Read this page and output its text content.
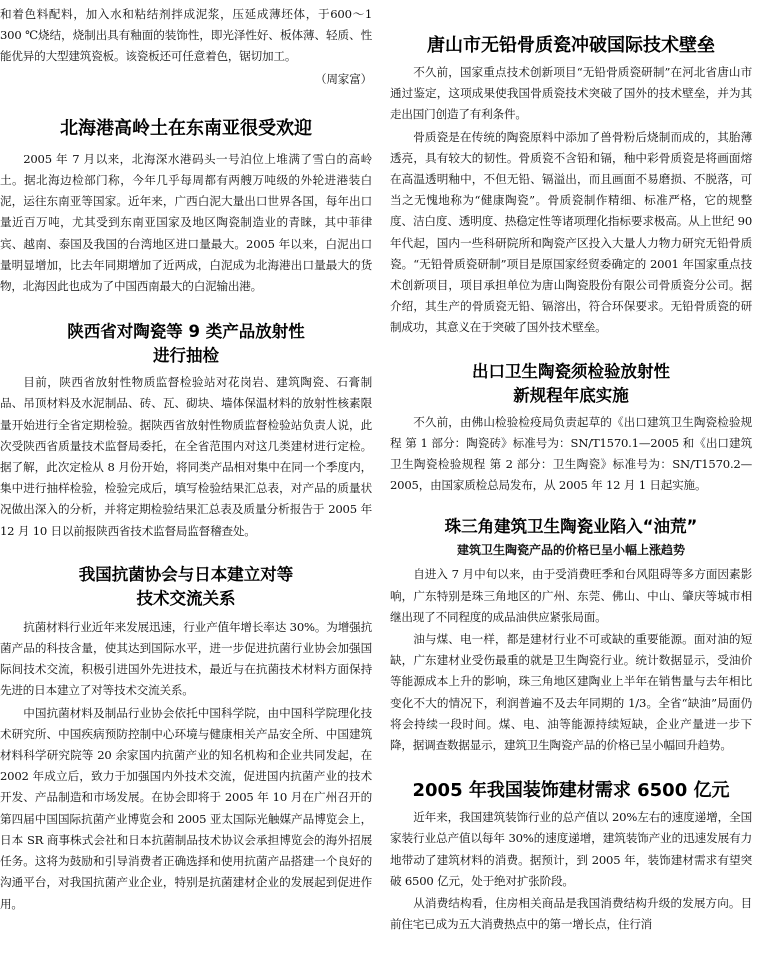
和着色料配料，加入水和粘结剂拌成泥浆，压延成薄坯体，于600～1 300 ℃烧结，烧制出具有釉面的装饰性，即光泽性好、板体薄、轻质、性能优异的大型建筑瓷板。该瓷板还可任意着色，锯切加工。

（周家富）

北海港高岭土在东南亚很受欢迎

2005 年 7 月以来，北海深水港码头一号泊位上堆满了雪白的高岭土。据北海边检部门称，今年几乎每周都有两艘万吨级的外轮进港装白泥，运往东南亚等国家。近年来，广西白泥大量出口世界各国，每年出口量近百万吨，尤其受到东南亚国家及地区陶瓷制造业的青睐，其中菲律宾、越南、泰国及我国的台湾地区进口量最大。2005 年以来，白泥出口量明显增加，比去年同期增加了近两成，白泥成为北海港出口量最大的货物，北海因此也成为了中国西南最大的白泥输出港。

陕西省对陶瓷等 9 类产品放射性
进行抽检

目前，陕西省放射性物质监督检验站对花岗岩、建筑陶瓷、石膏制品、吊顶材料及水泥制品、砖、瓦、砌块、墙体保温材料的放射性核素限量开始进行全省定期检验。据陕西省放射性物质监督检验站负责人说，此次受陕西省质量技术监督局委托，在全省范围内对这几类建材进行定检。据了解，此次定检从 8 月份开始，将同类产品相对集中在同一个季度内，集中进行抽样检验，检验完成后，填写检验结果汇总表，对产品的质量状况做出深入的分析，并将定期检验结果汇总表及质量分析报告于 2005 年 12 月 10 日以前报陕西省技术监督局监督稽查处。

我国抗菌协会与日本建立对等
技术交流关系

抗菌材料行业近年来发展迅速，行业产值年增长率达 30%。为增强抗菌产品的科技含量，使其达到国际水平，进一步促进抗菌行业协会加强国际间技术交流，积极引进国外先进技术，最近与在抗菌技术材料方面保持先进的日本建立了对等技术交流关系。

中国抗菌材料及制品行业协会依托中国科学院，由中国科学院理化技术研究所、中国疾病预防控制中心环境与健康相关产品安全所、中国建筑材料科学研究院等 20 余家国内抗菌产业的知名机构和企业共同发起，在 2002 年成立后，致力于加强国内外技术交流，促进国内抗菌产业的技术开发、产品制造和市场发展。在协会即将于 2005 年 10 月在广州召开的第四届中国国际抗菌产业博览会和 2005 亚太国际光触媒产品博览会上，日本 SR 商事株式会社和日本抗菌制品技术协议会承担博览会的海外招展任务。这将为鼓励和引导消费者正确选择和使用抗菌产品搭建一个良好的沟通平台，对我国抗菌产业企业，特别是抗菌建材企业的发展起到促进作用。

唐山市无铅骨质瓷冲破国际技术壁垒

不久前，国家重点技术创新项目“无铅骨质瓷研制”在河北省唐山市通过鉴定，这项成果使我国骨质瓷技术突破了国外的技术壁垒，并为其走出国门创造了有利条件。

骨质瓷是在传统的陶瓷原料中添加了兽骨粉后烧制而成的，其胎薄透亮，具有较大的韧性。骨质瓷不含铅和镉，釉中彩骨质瓷是将画面熔在高温透明釉中，不但无铅、镉溢出，而且画面不易磨损、不脱落，可当之无愧地称为“健康陶瓷”。骨质瓷制作精细、标准严格，它的规整度、洁白度、透明度、热稳定性等诸项理化指标要求极高。从上世纪 90 年代起，国内一些科研院所和陶瓷产区投入大量人力物力研究无铅骨质瓷。“无铅骨质瓷研制”项目是原国家经贸委确定的 2001 年国家重点技术创新项目，项目承担单位为唐山陶瓷股份有限公司骨质瓷分公司。据介绍，其生产的骨质瓷无铅、镉溶出，符合环保要求。无铅骨质瓷的研制成功，其意义在于突破了国外技术壁垒。

出口卫生陶瓷须检验放射性
新规程年底实施

不久前，由佛山检验检疫局负责起草的《出口建筑卫生陶瓷检验规程 第 1 部分：陶瓷砖》标准号为：SN/T1570.1—2005 和《出口建筑卫生陶瓷检验规程 第 2 部分：卫生陶瓷》标准号为：SN/T1570.2—2005，由国家质检总局发布，从 2005 年 12 月 1 日起实施。

珠三角建筑卫生陶瓷业陷入“油荒”
建筑卫生陶瓷产品的价格已呈小幅上涨趋势

自进入 7 月中旬以来，由于受消费旺季和台风阻碍等多方面因素影响，广东特别是珠三角地区的广州、东莞、佛山、中山、肇庆等城市相继出现了不同程度的成品油供应紧张局面。

油与煤、电一样，都是建材行业不可或缺的重要能源。面对油的短缺，广东建材业受伤最重的就是卫生陶瓷行业。统计数据显示，受油价等能源成本上升的影响，珠三角地区建陶业上半年在销售量与去年相比变化不大的情况下，利润普遍不及去年同期的 1/3。全省“缺油”局面仍将会持续一段时间。煤、电、油等能源持续短缺，企业产量进一步下降，据调查数据显示，建筑卫生陶瓷产品的价格已呈小幅回升趋势。

2005 年我国装饰建材需求 6500 亿元

近年来，我国建筑装饰行业的总产值以 20%左右的速度递增，全国家装行业总产值以每年 30%的速度递增，建筑装饰产业的迅速发展有力地带动了建筑材料的消费。据预计，到 2005 年，装饰建材需求有望突破 6500 亿元，处于绝对扩张阶段。

从消费结构看，住房相关商品是我国消费结构升级的发展方向。目前住宅已成为五大消费热点中的第一增长点，住行消
